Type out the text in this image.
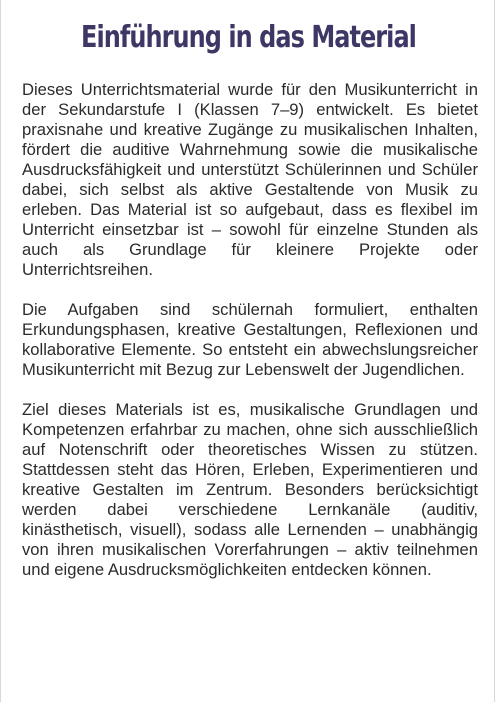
Einführung in das Material

Dieses Unterrichtsmaterial wurde für den Musikunterricht in der Sekundarstufe I (Klassen 7–9) entwickelt. Es bietet praxisnahe und kreative Zugänge zu musikalischen Inhalten, fördert die auditive Wahrnehmung sowie die musikalische Ausdrucksfähigkeit und unterstützt Schülerinnen und Schüler dabei, sich selbst als aktive Gestaltende von Musik zu erleben. Das Material ist so aufgebaut, dass es flexibel im Unterricht einsetzbar ist – sowohl für einzelne Stunden als auch als Grundlage für kleinere Projekte oder Unterrichtsreihen.

Die Aufgaben sind schülernah formuliert, enthalten Erkundungsphasen, kreative Gestaltungen, Reflexionen und kollaborative Elemente. So entsteht ein abwechslungsreicher Musikunterricht mit Bezug zur Lebenswelt der Jugendlichen.

Ziel dieses Materials ist es, musikalische Grundlagen und Kompetenzen erfahrbar zu machen, ohne sich ausschließlich auf Notenschrift oder theoretisches Wissen zu stützen. Stattdessen steht das Hören, Erleben, Experimentieren und kreative Gestalten im Zentrum. Besonders berücksichtigt werden dabei verschiedene Lernkanäle (auditiv, kinästhetisch, visuell), sodass alle Lernenden – unabhängig von ihren musikalischen Vorerfahrungen – aktiv teilnehmen und eigene Ausdrucksmöglichkeiten entdecken können.
